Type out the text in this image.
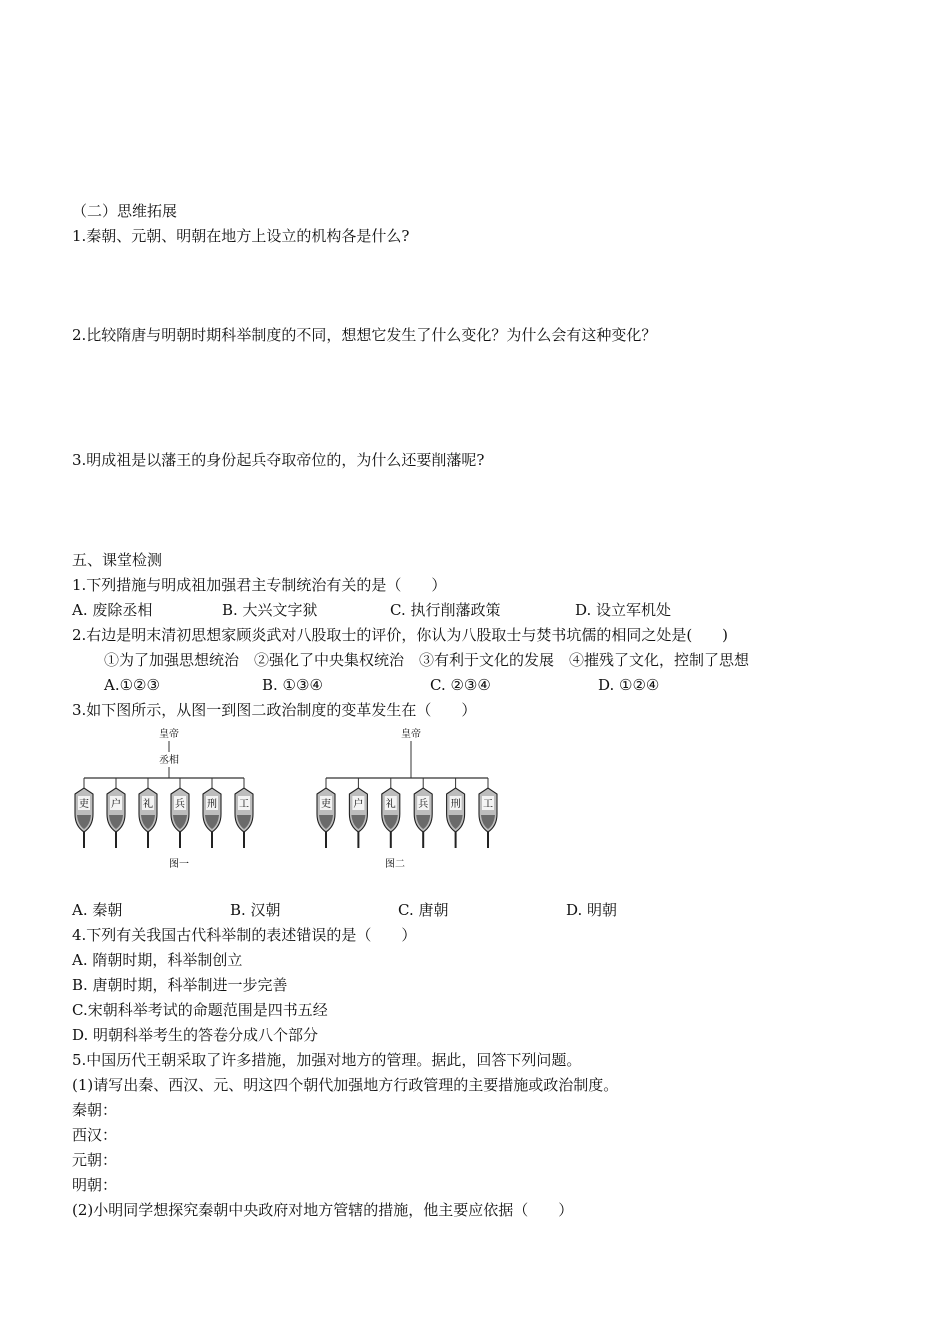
（二）思维拓展
1.秦朝、元朝、明朝在地方上设立的机构各是什么?
2.比较隋唐与明朝时期科举制度的不同，想想它发生了什么变化？为什么会有这种变化？
3.明成祖是以藩王的身份起兵夺取帝位的，为什么还要削藩呢?
五、课堂检测
1.下列措施与明成祖加强君主专制统治有关的是（　　）
A. 废除丞相	B. 大兴文字狱	C. 执行削藩政策	D. 设立军机处
2.右边是明末清初思想家顾炎武对八股取士的评价，你认为八股取士与焚书坑儒的相同之处是(　　)
①为了加强思想统治　②强化了中央集权统治　③有利于文化的发展　④摧残了文化，控制了思想
A.①②③	B. ①③④	C. ②③④	D. ①②④
3.如下图所示，从图一到图二政治制度的变革发生在（　　）
皇帝
丞相
吏 户 礼 兵 刑 工
图一
皇帝
吏 户 礼 兵 刑 工
图二
A. 秦朝	B. 汉朝	C. 唐朝	D. 明朝
4.下列有关我国古代科举制的表述错误的是（　　）
A. 隋朝时期，科举制创立
B. 唐朝时期，科举制进一步完善
C.宋朝科举考试的命题范围是四书五经
D. 明朝科举考生的答卷分成八个部分
5.中国历代王朝采取了许多措施，加强对地方的管理。据此，回答下列问题。
(1)请写出秦、西汉、元、明这四个朝代加强地方行政管理的主要措施或政治制度。
秦朝：
西汉：
元朝：
明朝：
(2)小明同学想探究秦朝中央政府对地方管辖的措施，他主要应依据（　　）
